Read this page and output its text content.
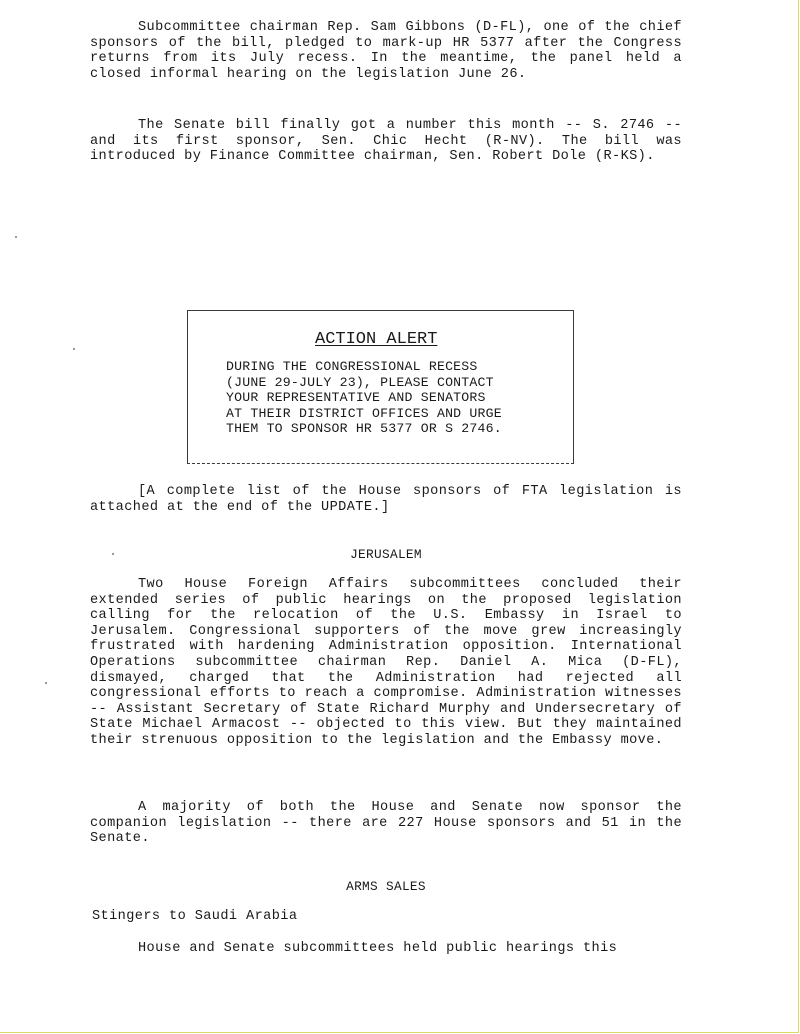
Subcommittee chairman Rep. Sam Gibbons (D-FL), one of the chief sponsors of the bill, pledged to mark-up HR 5377 after the Congress returns from its July recess. In the meantime, the panel held a closed informal hearing on the legislation June 26.
The Senate bill finally got a number this month -- S. 2746 -- and its first sponsor, Sen. Chic Hecht (R-NV). The bill was introduced by Finance Committee chairman, Sen. Robert Dole (R-KS).
ACTION ALERT
DURING THE CONGRESSIONAL RECESS
(JUNE 29-JULY 23), PLEASE CONTACT
YOUR REPRESENTATIVE AND SENATORS
AT THEIR DISTRICT OFFICES AND URGE
THEM TO SPONSOR HR 5377 OR S 2746.
[A complete list of the House sponsors of FTA legislation is attached at the end of the UPDATE.]
JERUSALEM
Two House Foreign Affairs subcommittees concluded their extended series of public hearings on the proposed legislation calling for the relocation of the U.S. Embassy in Israel to Jerusalem. Congressional supporters of the move grew increasingly frustrated with hardening Administration opposition. International Operations subcommittee chairman Rep. Daniel A. Mica (D-FL), dismayed, charged that the Administration had rejected all congressional efforts to reach a compromise. Administration witnesses -- Assistant Secretary of State Richard Murphy and Undersecretary of State Michael Armacost -- objected to this view. But they maintained their strenuous opposition to the legislation and the Embassy move.
A majority of both the House and Senate now sponsor the companion legislation -- there are 227 House sponsors and 51 in the Senate.
ARMS SALES
Stingers to Saudi Arabia
House and Senate subcommittees held public hearings this
